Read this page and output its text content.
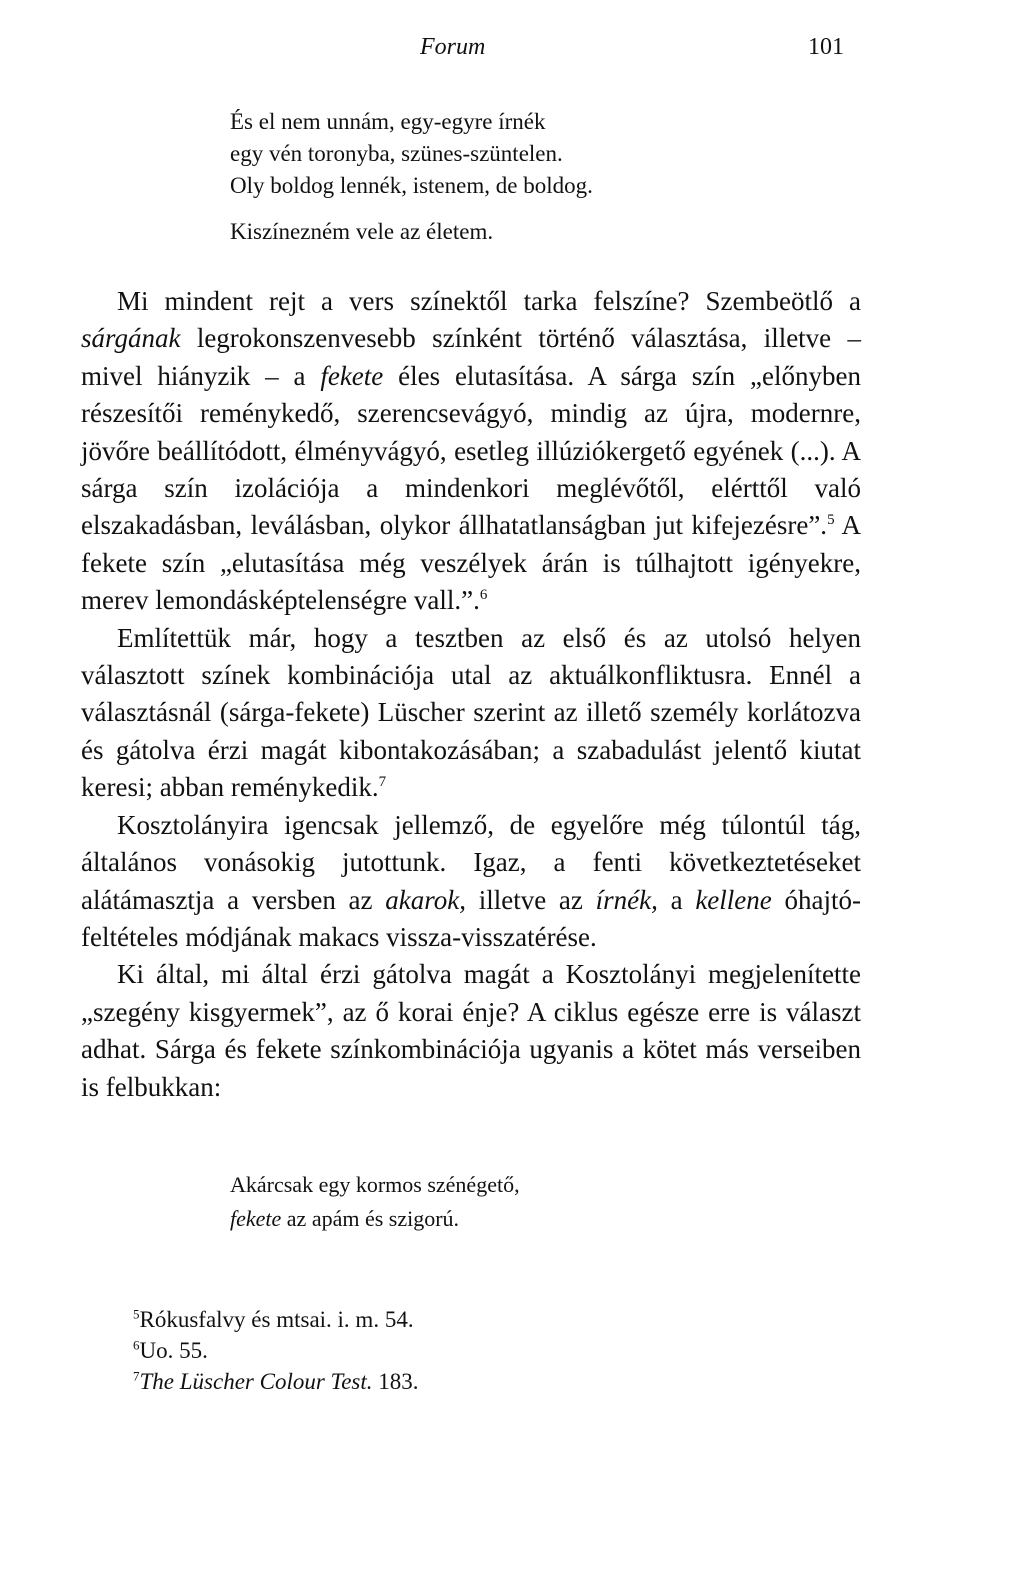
Forum	101
És el nem unnám, egy-egyre írnék
egy vén toronyba, szünes-szüntelen.
Oly boldog lennék, istenem, de boldog.
Kiszínezném vele az életem.

Mi mindent rejt a vers színektől tarka felszíne? Szembeötlő a sárgának legrokonszenvesebb színként történő választása, illetve – mivel hiányzik – a fekete éles elutasítása. A sárga szín „előnyben részesítői reménykedő, szerencsevágyó, mindig az újra, modernre, jövőre beállítódott, élményvágyó, esetleg illúziókergető egyének (...). A sárga szín izolációja a mindenkori meglévőtől, elérttől való elszakadásban, leválásban, olykor állhatatlanságban jut kifejezésre”.$^5$ A fekete szín „elutasítása még veszélyek árán is túlhajtott igényekre, merev lemondásképtelenségre vall.”.$^6$

Említettük már, hogy a tesztben az első és az utolsó helyen választott színek kombinációja utal az aktuálkonfliktusra. Ennél a választásnál (sárga-fekete) Lüscher szerint az illető személy korlátozva és gátolva érzi magát kibontakozásában; a szabadulást jelentő kiutat keresi; abban reménykedik.$^7$

Kosztolányira igencsak jellemző, de egyelőre még túlontúl tág, általános vonásokig jutottunk. Igaz, a fenti következtetéseket alátámasztja a versben az akarok, illetve az írnék, a kellene óhajtó-feltételes módjának makacs vissza-visszatérése.

Ki által, mi által érzi gátolva magát a Kosztolányi megjelenítette „szegény kisgyermek”, az ő korai énje? A ciklus egésze erre is választ adhat. Sárga és fekete színkombinációja ugyanis a kötet más verseiben is felbukkan:

Akárcsak egy kormos szénégető,
fekete az apám és szigorú.
$^5$Rókusfalvy és mtsai. i. m. 54.
$^6$Uo. 55.
$^7$The Lüscher Colour Test. 183.
